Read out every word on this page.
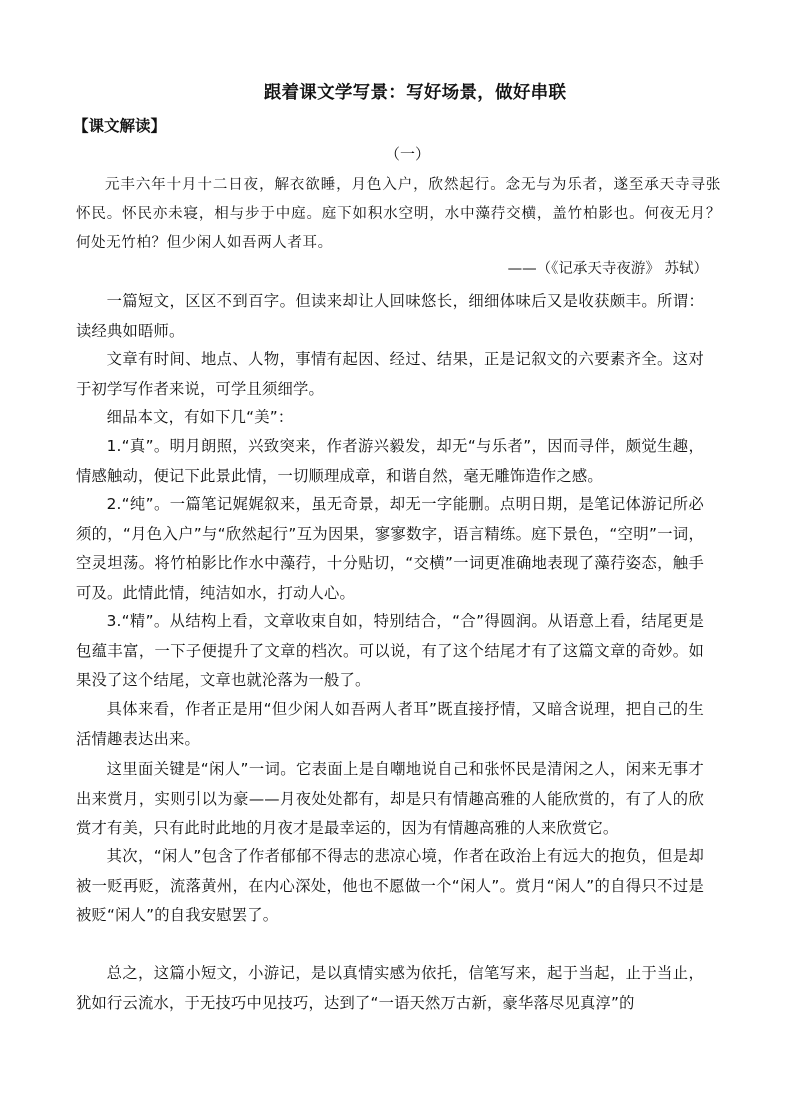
跟着课文学写景：写好场景，做好串联
【课文解读】
（一）
元丰六年十月十二日夜，解衣欲睡，月色入户，欣然起行。念无与为乐者，遂至承天寺寻张怀民。怀民亦未寝，相与步于中庭。庭下如积水空明，水中藻荇交横，盖竹柏影也。何夜无月？何处无竹柏？但少闲人如吾两人者耳。
——（《记承天寺夜游》 苏轼）

一篇短文，区区不到百字。但读来却让人回味悠长，细细体味后又是收获颇丰。所谓：读经典如晤师。

文章有时间、地点、人物，事情有起因、经过、结果，正是记叙文的六要素齐全。这对于初学写作者来说，可学且须细学。

细品本文，有如下几“美”：

1.“真”。明月朗照，兴致突来，作者游兴毅发，却无“与乐者”，因而寻伴，颇觉生趣，情感触动，便记下此景此情，一切顺理成章，和谐自然，毫无雕饰造作之感。

2.“纯”。一篇笔记娓娓叙来，虽无奇景，却无一字能删。点明日期，是笔记体游记所必须的，“月色入户”与“欣然起行”互为因果，寥寥数字，语言精练。庭下景色，“空明”一词，空灵坦荡。将竹柏影比作水中藻荇，十分贴切，“交横”一词更准确地表现了藻荇姿态，触手可及。此情此情，纯洁如水，打动人心。

3.“精”。从结构上看，文章收束自如，特别结合，“合”得圆润。从语意上看，结尾更是包蕴丰富，一下子便提升了文章的档次。可以说，有了这个结尾才有了这篇文章的奇妙。如果没了这个结尾，文章也就沦落为一般了。

具体来看，作者正是用“但少闲人如吾两人者耳”既直接抒情，又暗含说理，把自己的生活情趣表达出来。

这里面关键是“闲人”一词。它表面上是自嘲地说自己和张怀民是清闲之人，闲来无事才出来赏月，实则引以为豪——月夜处处都有，却是只有情趣高雅的人能欣赏的，有了人的欣赏才有美，只有此时此地的月夜才是最幸运的，因为有情趣高雅的人来欣赏它。

其次，“闲人”包含了作者郁郁不得志的悲凉心境，作者在政治上有远大的抱负，但是却被一贬再贬，流落黄州，在内心深处，他也不愿做一个“闲人”。赏月“闲人”的自得只不过是被贬“闲人”的自我安慰罢了。

总之，这篇小短文，小游记，是以真情实感为依托，信笔写来，起于当起，止于当止，犹如行云流水，于无技巧中见技巧，达到了“一语天然万古新，豪华落尽见真淳”的
